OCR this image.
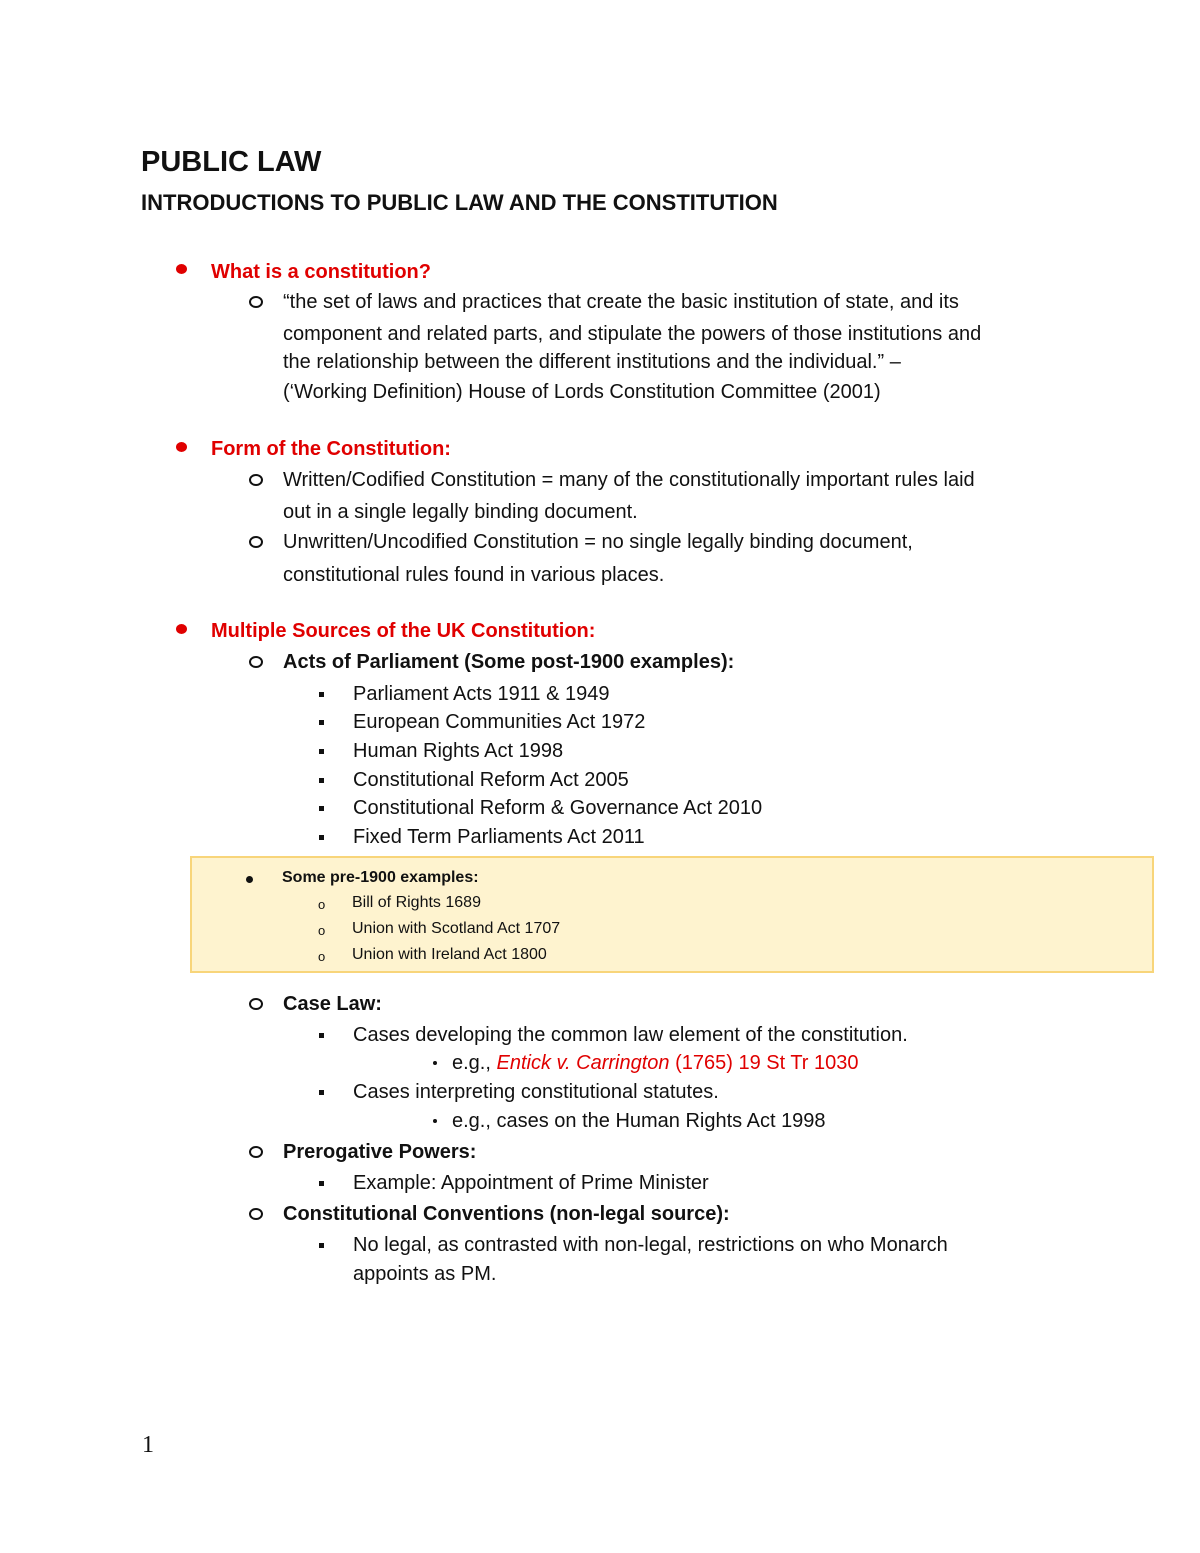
PUBLIC LAW
INTRODUCTIONS TO PUBLIC LAW AND THE CONSTITUTION
What is a constitution?
“the set of laws and practices that create the basic institution of state, and its
component and related parts, and stipulate the powers of those institutions and
the relationship between the different institutions and the individual.” –
(‘Working Definition) House of Lords Constitution Committee (2001)
Form of the Constitution:
Written/Codified Constitution = many of the constitutionally important rules laid
out in a single legally binding document.
Unwritten/Uncodified Constitution = no single legally binding document,
constitutional rules found in various places.
Multiple Sources of the UK Constitution:
Acts of Parliament (Some post-1900 examples):
Parliament Acts 1911 & 1949
European Communities Act 1972
Human Rights Act 1998
Constitutional Reform Act 2005
Constitutional Reform & Governance Act 2010
Fixed Term Parliaments Act 2011
Some pre-1900 examples:
o Bill of Rights 1689
o Union with Scotland Act 1707
o Union with Ireland Act 1800
Case Law:
Cases developing the common law element of the constitution.
e.g., Entick v. Carrington (1765) 19 St Tr 1030
Cases interpreting constitutional statutes.
e.g., cases on the Human Rights Act 1998
Prerogative Powers:
Example: Appointment of Prime Minister
Constitutional Conventions (non-legal source):
No legal, as contrasted with non-legal, restrictions on who Monarch
appoints as PM.
1
